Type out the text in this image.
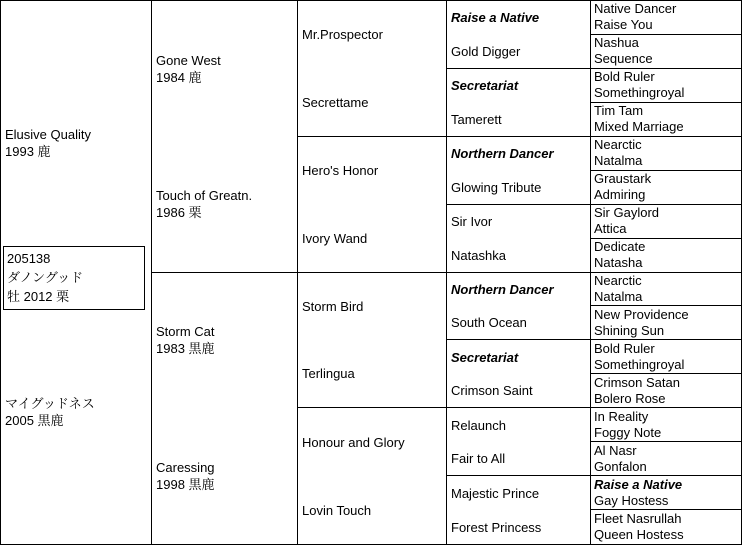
Elusive Quality
1993 鹿
205138
ダノングッド
牡 2012 栗
マイグッドネス
2005 黒鹿
Gone West
1984 鹿
Touch of Greatn.
1986 栗
Storm Cat
1983 黒鹿
Caressing
1998 黒鹿
Mr.Prospector
Secrettame
Hero's Honor
Ivory Wand
Storm Bird
Terlingua
Honour and Glory
Lovin Touch
Raise a Native
Gold Digger
Secretariat
Tamerett
Northern Dancer
Glowing Tribute
Sir Ivor
Natashka
Northern Dancer
South Ocean
Secretariat
Crimson Saint
Relaunch
Fair to All
Majestic Prince
Forest Princess
Native Dancer
Raise You
Nashua
Sequence
Bold Ruler
Somethingroyal
Tim Tam
Mixed Marriage
Nearctic
Natalma
Graustark
Admiring
Sir Gaylord
Attica
Dedicate
Natasha
Nearctic
Natalma
New Providence
Shining Sun
Bold Ruler
Somethingroyal
Crimson Satan
Bolero Rose
In Reality
Foggy Note
Al Nasr
Gonfalon
Raise a Native
Gay Hostess
Fleet Nasrullah
Queen Hostess
